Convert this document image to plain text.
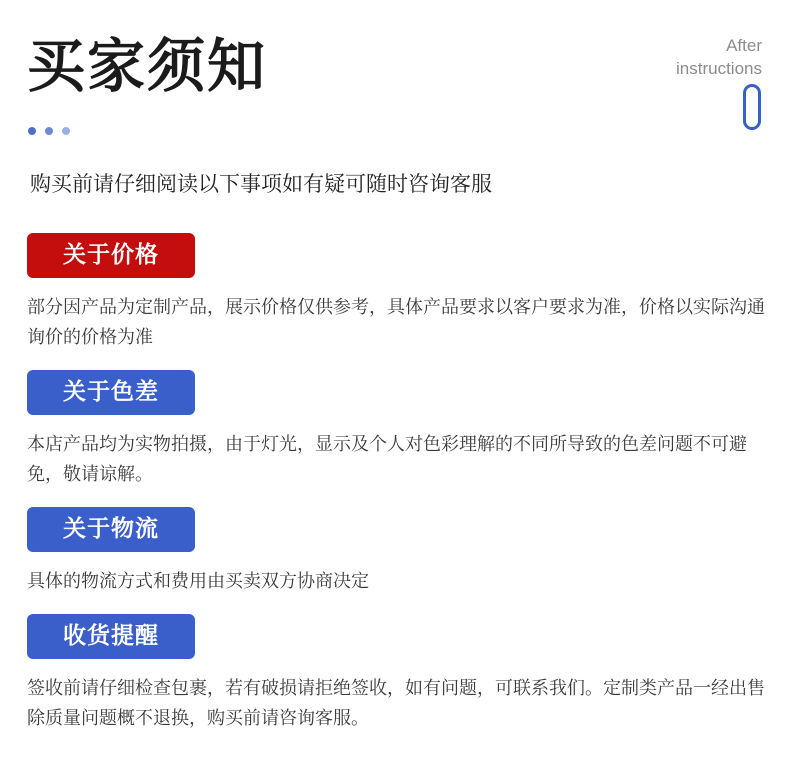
买家须知	After
instructions
购买前请仔细阅读以下事项如有疑可随时咨询客服
关于价格
部分因产品为定制产品，展示价格仅供参考，具体产品要求以客户要求为准，价格以实际沟通询价的价格为准
关于色差
本店产品均为实物拍摄，由于灯光，显示及个人对色彩理解的不同所导致的色差问题不可避免，敬请谅解。
关于物流
具体的物流方式和费用由买卖双方协商决定
收货提醒
签收前请仔细检查包裹，若有破损请拒绝签收，如有问题，可联系我们。定制类产品一经出售除质量问题概不退换，购买前请咨询客服。
